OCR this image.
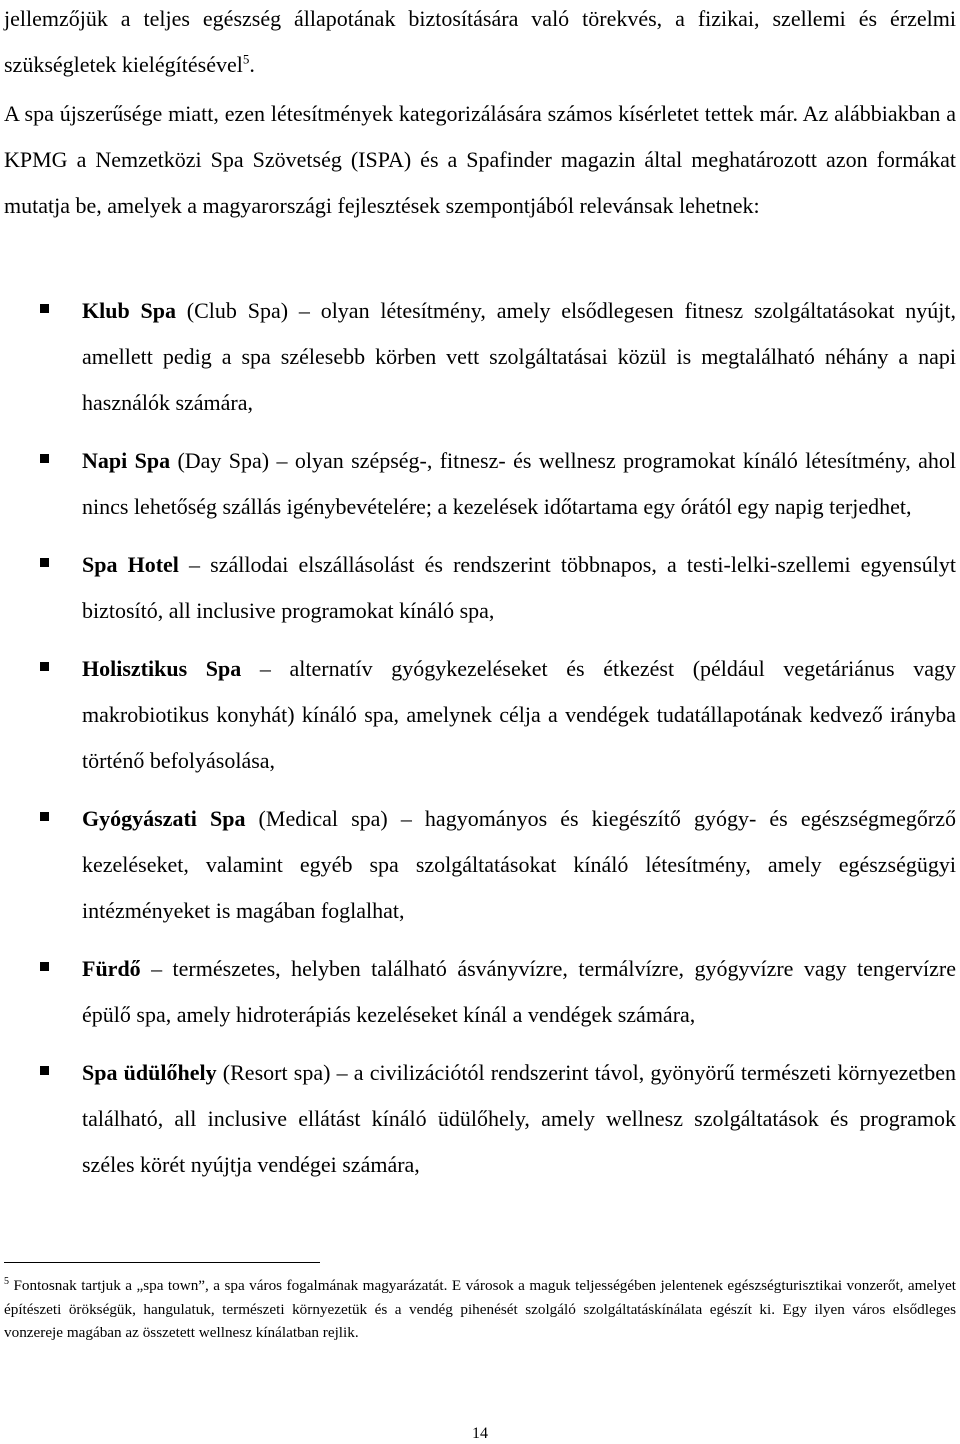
jellemzőjük a teljes egészség állapotának biztosítására való törekvés, a fizikai, szellemi és érzelmi szükségletek kielégítésével$^5$.

A spa újszerűsége miatt, ezen létesítmények kategorizálására számos kísérletet tettek már. Az alábbiakban a KPMG a Nemzetközi Spa Szövetség (ISPA) és a Spafinder magazin által meghatározott azon formákat mutatja be, amelyek a magyarországi fejlesztések szempontjából relevánsak lehetnek:

Klub Spa (Club Spa) – olyan létesítmény, amely elsődlegesen fitnesz szolgáltatásokat nyújt, amellett pedig a spa szélesebb körben vett szolgáltatásai közül is megtalálható néhány a napi használók számára,
Napi Spa (Day Spa) – olyan szépség-, fitnesz- és wellnesz programokat kínáló létesítmény, ahol nincs lehetőség szállás igénybevételére; a kezelések időtartama egy órától egy napig terjedhet,
Spa Hotel – szállodai elszállásolást és rendszerint többnapos, a testi-lelki-szellemi egyensúlyt biztosító, all inclusive programokat kínáló spa,
Holisztikus Spa – alternatív gyógykezeléseket és étkezést (például vegetáriánus vagy makrobiotikus konyhát) kínáló spa, amelynek célja a vendégek tudatállapotának kedvező irányba történő befolyásolása,
Gyógyászati Spa (Medical spa) – hagyományos és kiegészítő gyógy- és egészségmegőrző kezeléseket, valamint egyéb spa szolgáltatásokat kínáló létesítmény, amely egészségügyi intézményeket is magában foglalhat,
Fürdő – természetes, helyben található ásványvízre, termálvízre, gyógyvízre vagy tengervízre épülő spa, amely hidroterápiás kezeléseket kínál a vendégek számára,
Spa üdülőhely (Resort spa) – a civilizációtól rendszerint távol, gyönyörű természeti környezetben található, all inclusive ellátást kínáló üdülőhely, amely wellnesz szolgáltatások és programok széles körét nyújtja vendégei számára,
$^5$ Fontosnak tartjuk a „spa town”, a spa város fogalmának magyarázatát. E városok a maguk teljességében jelentenek egészségturisztikai vonzerőt, amelyet építészeti örökségük, hangulatuk, természeti környezetük és a vendég pihenését szolgáló szolgáltatáskínálata egészít ki. Egy ilyen város elsődleges vonzereje magában az összetett wellnesz kínálatban rejlik.
14
